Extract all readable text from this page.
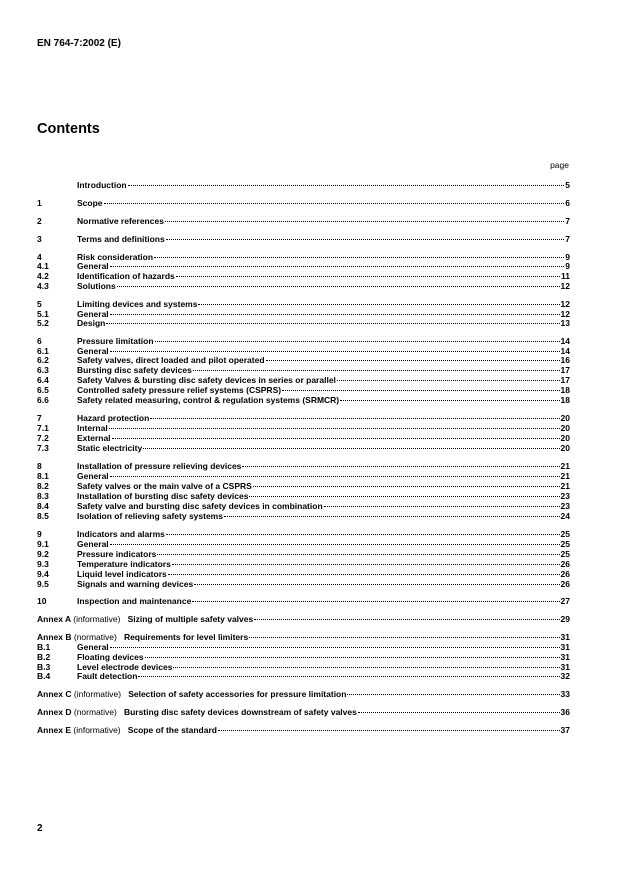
EN 764-7:2002 (E)
Contents
page
Introduction	5
1	Scope	6
2	Normative references	7
3	Terms and definitions	7
4	Risk consideration	9
4.1	General	9
4.2	Identification of hazards	11
4.3	Solutions	12
5	Limiting devices and systems	12
5.1	General	12
5.2	Design	13
6	Pressure limitation	14
6.1	General	14
6.2	Safety valves, direct loaded and pilot operated	16
6.3	Bursting disc safety devices	17
6.4	Safety Valves & bursting disc safety devices in series or parallel	17
6.5	Controlled safety pressure relief systems (CSPRS)	18
6.6	Safety related measuring, control & regulation systems (SRMCR)	18
7	Hazard protection	20
7.1	Internal	20
7.2	External	20
7.3	Static electricity	20
8	Installation of pressure relieving devices	21
8.1	General	21
8.2	Safety valves or the main valve of a CSPRS	21
8.3	Installation of bursting disc safety devices	23
8.4	Safety valve and bursting disc safety devices in combination	23
8.5	Isolation of relieving safety systems	24
9	Indicators and alarms	25
9.1	General	25
9.2	Pressure indicators	25
9.3	Temperature indicators	26
9.4	Liquid level indicators	26
9.5	Signals and warning devices	26
10	Inspection and maintenance	27
Annex A (informative) Sizing of multiple safety valves	29
Annex B (normative) Requirements for level limiters	31
B.1	General	31
B.2	Floating devices	31
B.3	Level electrode devices	31
B.4	Fault detection	32
Annex C (informative) Selection of safety accessories for pressure limitation	33
Annex D (normative) Bursting disc safety devices downstream of safety valves	36
Annex E (informative) Scope of the standard	37
2
